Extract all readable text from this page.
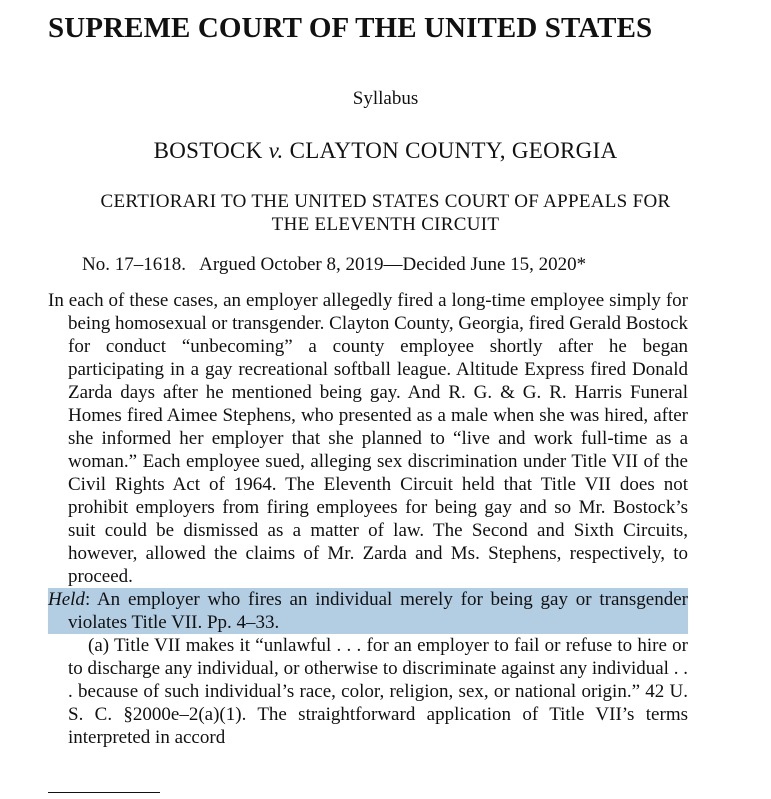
SUPREME COURT OF THE UNITED STATES
Syllabus
BOSTOCK v. CLAYTON COUNTY, GEORGIA
CERTIORARI TO THE UNITED STATES COURT OF APPEALS FOR
THE ELEVENTH CIRCUIT
No. 17–1618.   Argued October 8, 2019—Decided June 15, 2020*

In each of these cases, an employer allegedly fired a long-time employee simply for being homosexual or transgender. Clayton County, Georgia, fired Gerald Bostock for conduct “unbecoming” a county employee shortly after he began participating in a gay recreational softball league. Altitude Express fired Donald Zarda days after he mentioned being gay. And R. G. & G. R. Harris Funeral Homes fired Aimee Stephens, who presented as a male when she was hired, after she informed her employer that she planned to “live and work full-time as a woman.” Each employee sued, alleging sex discrimination under Title VII of the Civil Rights Act of 1964. The Eleventh Circuit held that Title VII does not prohibit employers from firing employees for being gay and so Mr. Bostock’s suit could be dismissed as a matter of law. The Second and Sixth Circuits, however, allowed the claims of Mr. Zarda and Ms. Stephens, respectively, to proceed.

Held: An employer who fires an individual merely for being gay or transgender violates Title VII. Pp. 4–33.

(a) Title VII makes it “unlawful . . . for an employer to fail or refuse to hire or to discharge any individual, or otherwise to discriminate against any individual . . . because of such individual’s race, color, religion, sex, or national origin.” 42 U. S. C. §2000e–2(a)(1). The straightforward application of Title VII’s terms interpreted in accord
